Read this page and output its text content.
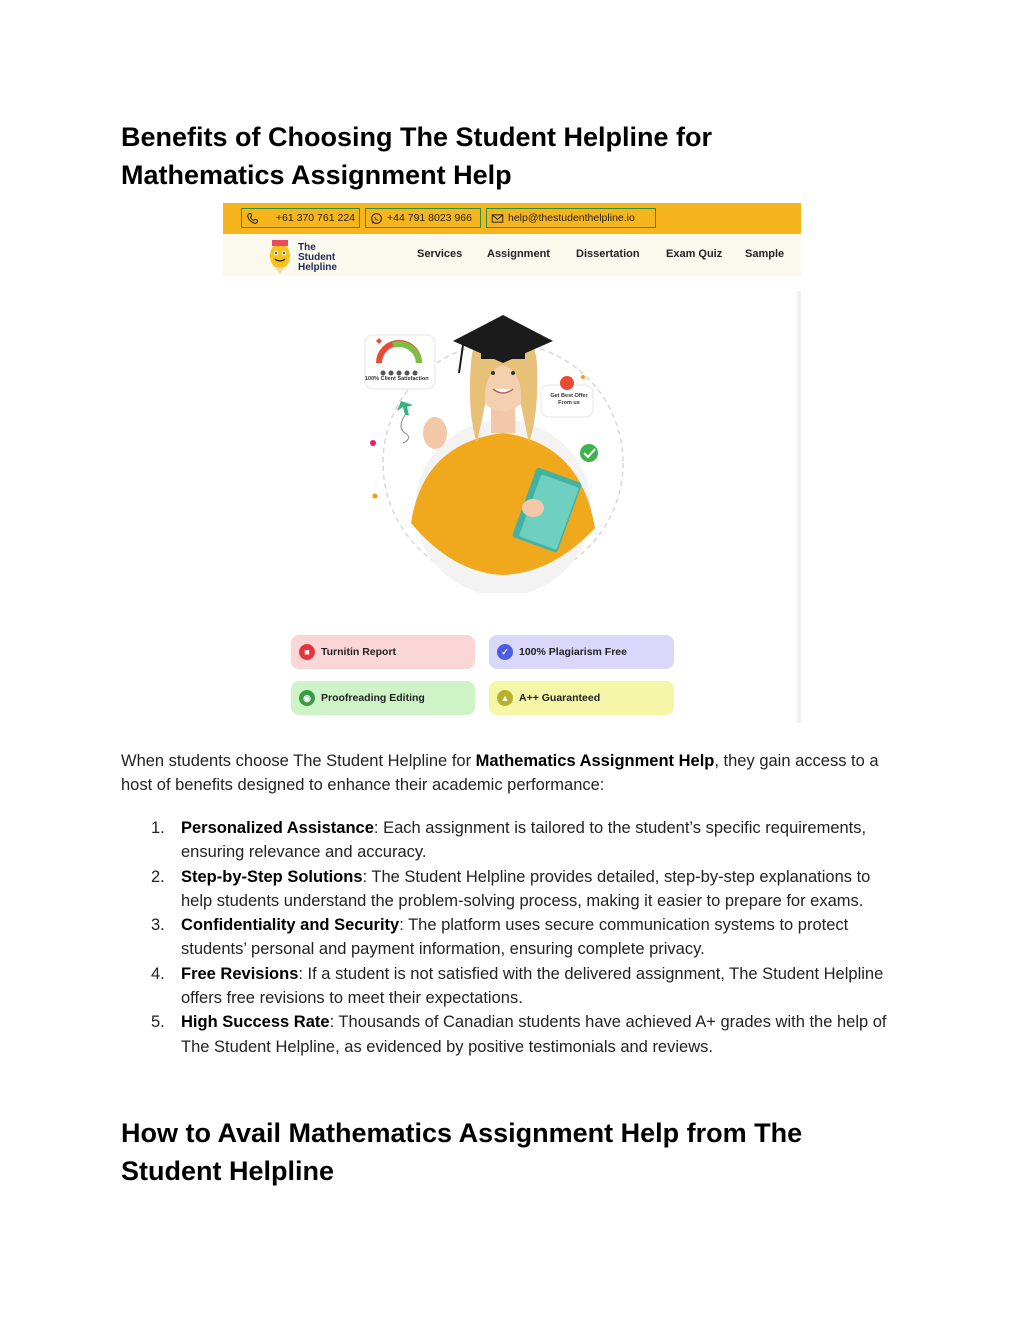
Benefits of Choosing The Student Helpline for Mathematics Assignment Help
+61 370 761 224	+44 791 8023 966	help@thestudenthelpline.io
The Student
Helpline
Services Assignment Dissertation Exam Quiz Sample
100% Client Satisfaction
Get Best Offer
From us
■	Turnitin Report	✓ 100% Plagiarism Free
◉ Proofreading Editing	▲ A++ Guaranteed

When students choose The Student Helpline for Mathematics Assignment Help, they gain access to a host of benefits designed to enhance their academic performance:

1. Personalized Assistance: Each assignment is tailored to the student’s specific requirements, ensuring relevance and accuracy.
2. Step-by-Step Solutions: The Student Helpline provides detailed, step-by-step explanations to help students understand the problem-solving process, making it easier to prepare for exams.
3. Confidentiality and Security: The platform uses secure communication systems to protect students’ personal and payment information, ensuring complete privacy.
4. Free Revisions: If a student is not satisfied with the delivered assignment, The Student Helpline offers free revisions to meet their expectations.
5. High Success Rate: Thousands of Canadian students have achieved A+ grades with the help of The Student Helpline, as evidenced by positive testimonials and reviews.
How to Avail Mathematics Assignment Help from The Student Helpline
